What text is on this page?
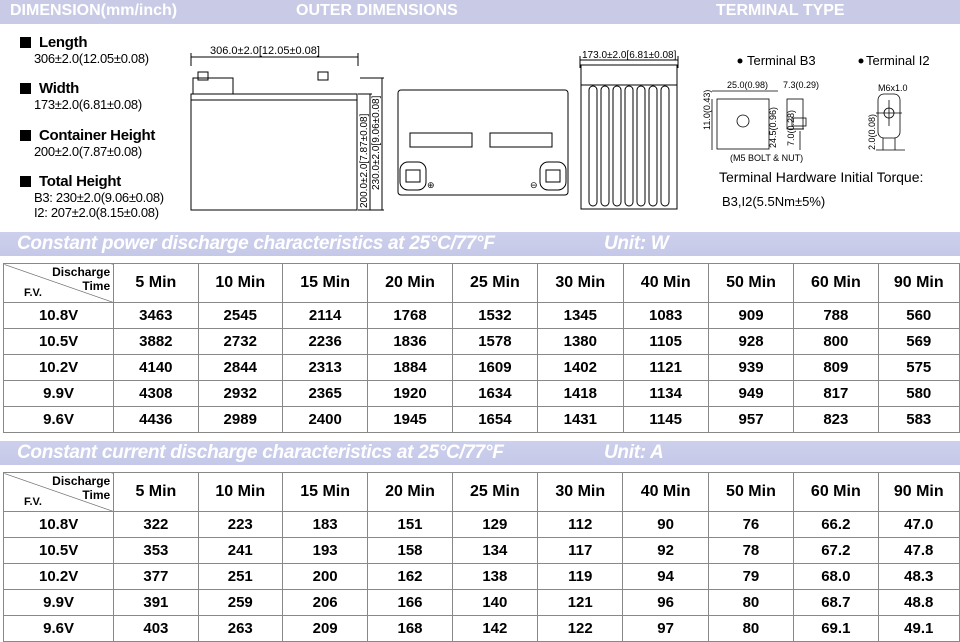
DIMENSION(mm/inch)	OUTER DIMENSIONS	TERMINAL TYPE
Length
306±2.0(12.05±0.08)
Width
173±2.0(6.81±0.08)
Container Height
200±2.0(7.87±0.08)
Total Height
B3: 230±2.0(9.06±0.08)
I2: 207±2.0(8.15±0.08)
306.0±2.0[12.05±0.08]
200.0±2.0[7.87±0.08] 230.0±2.0[9.06±0.08]	⊕	⊖
173.0±2.0[6.81±0.08]	Terminal B3	Terminal I2
25.0(0.98) 7.3(0.29)
11.0(0.43)	24.5(0.96) 7.0(0.28)
(M5 BOLT & NUT)
M6x1.0
2.0(0.08)
Terminal Hardware Initial Torque:
B3,I2(5.5Nm±5%)
Constant power discharge characteristics at 25°C/77°F	Unit: W
Discharge
Time
F.V.	5 Min	10 Min	15 Min	20 Min	25 Min	30 Min	40 Min	50 Min	60 Min	90 Min
10.8V	3463	2545	2114	1768	1532	1345	1083	909	788	560
10.5V	3882	2732	2236	1836	1578	1380	1105	928	800	569
10.2V	4140	2844	2313	1884	1609	1402	1121	939	809	575
9.9V	4308	2932	2365	1920	1634	1418	1134	949	817	580
9.6V	4436	2989	2400	1945	1654	1431	1145	957	823	583
Constant current discharge characteristics at 25°C/77°F	Unit: A
Discharge
Time
F.V.	5 Min	10 Min	15 Min	20 Min	25 Min	30 Min	40 Min	50 Min	60 Min	90 Min
10.8V	322	223	183	151	129	112	90	76	66.2	47.0
10.5V	353	241	193	158	134	117	92	78	67.2	47.8
10.2V	377	251	200	162	138	119	94	79	68.0	48.3
9.9V	391	259	206	166	140	121	96	80	68.7	48.8
9.6V	403	263	209	168	142	122	97	80	69.1	49.1
